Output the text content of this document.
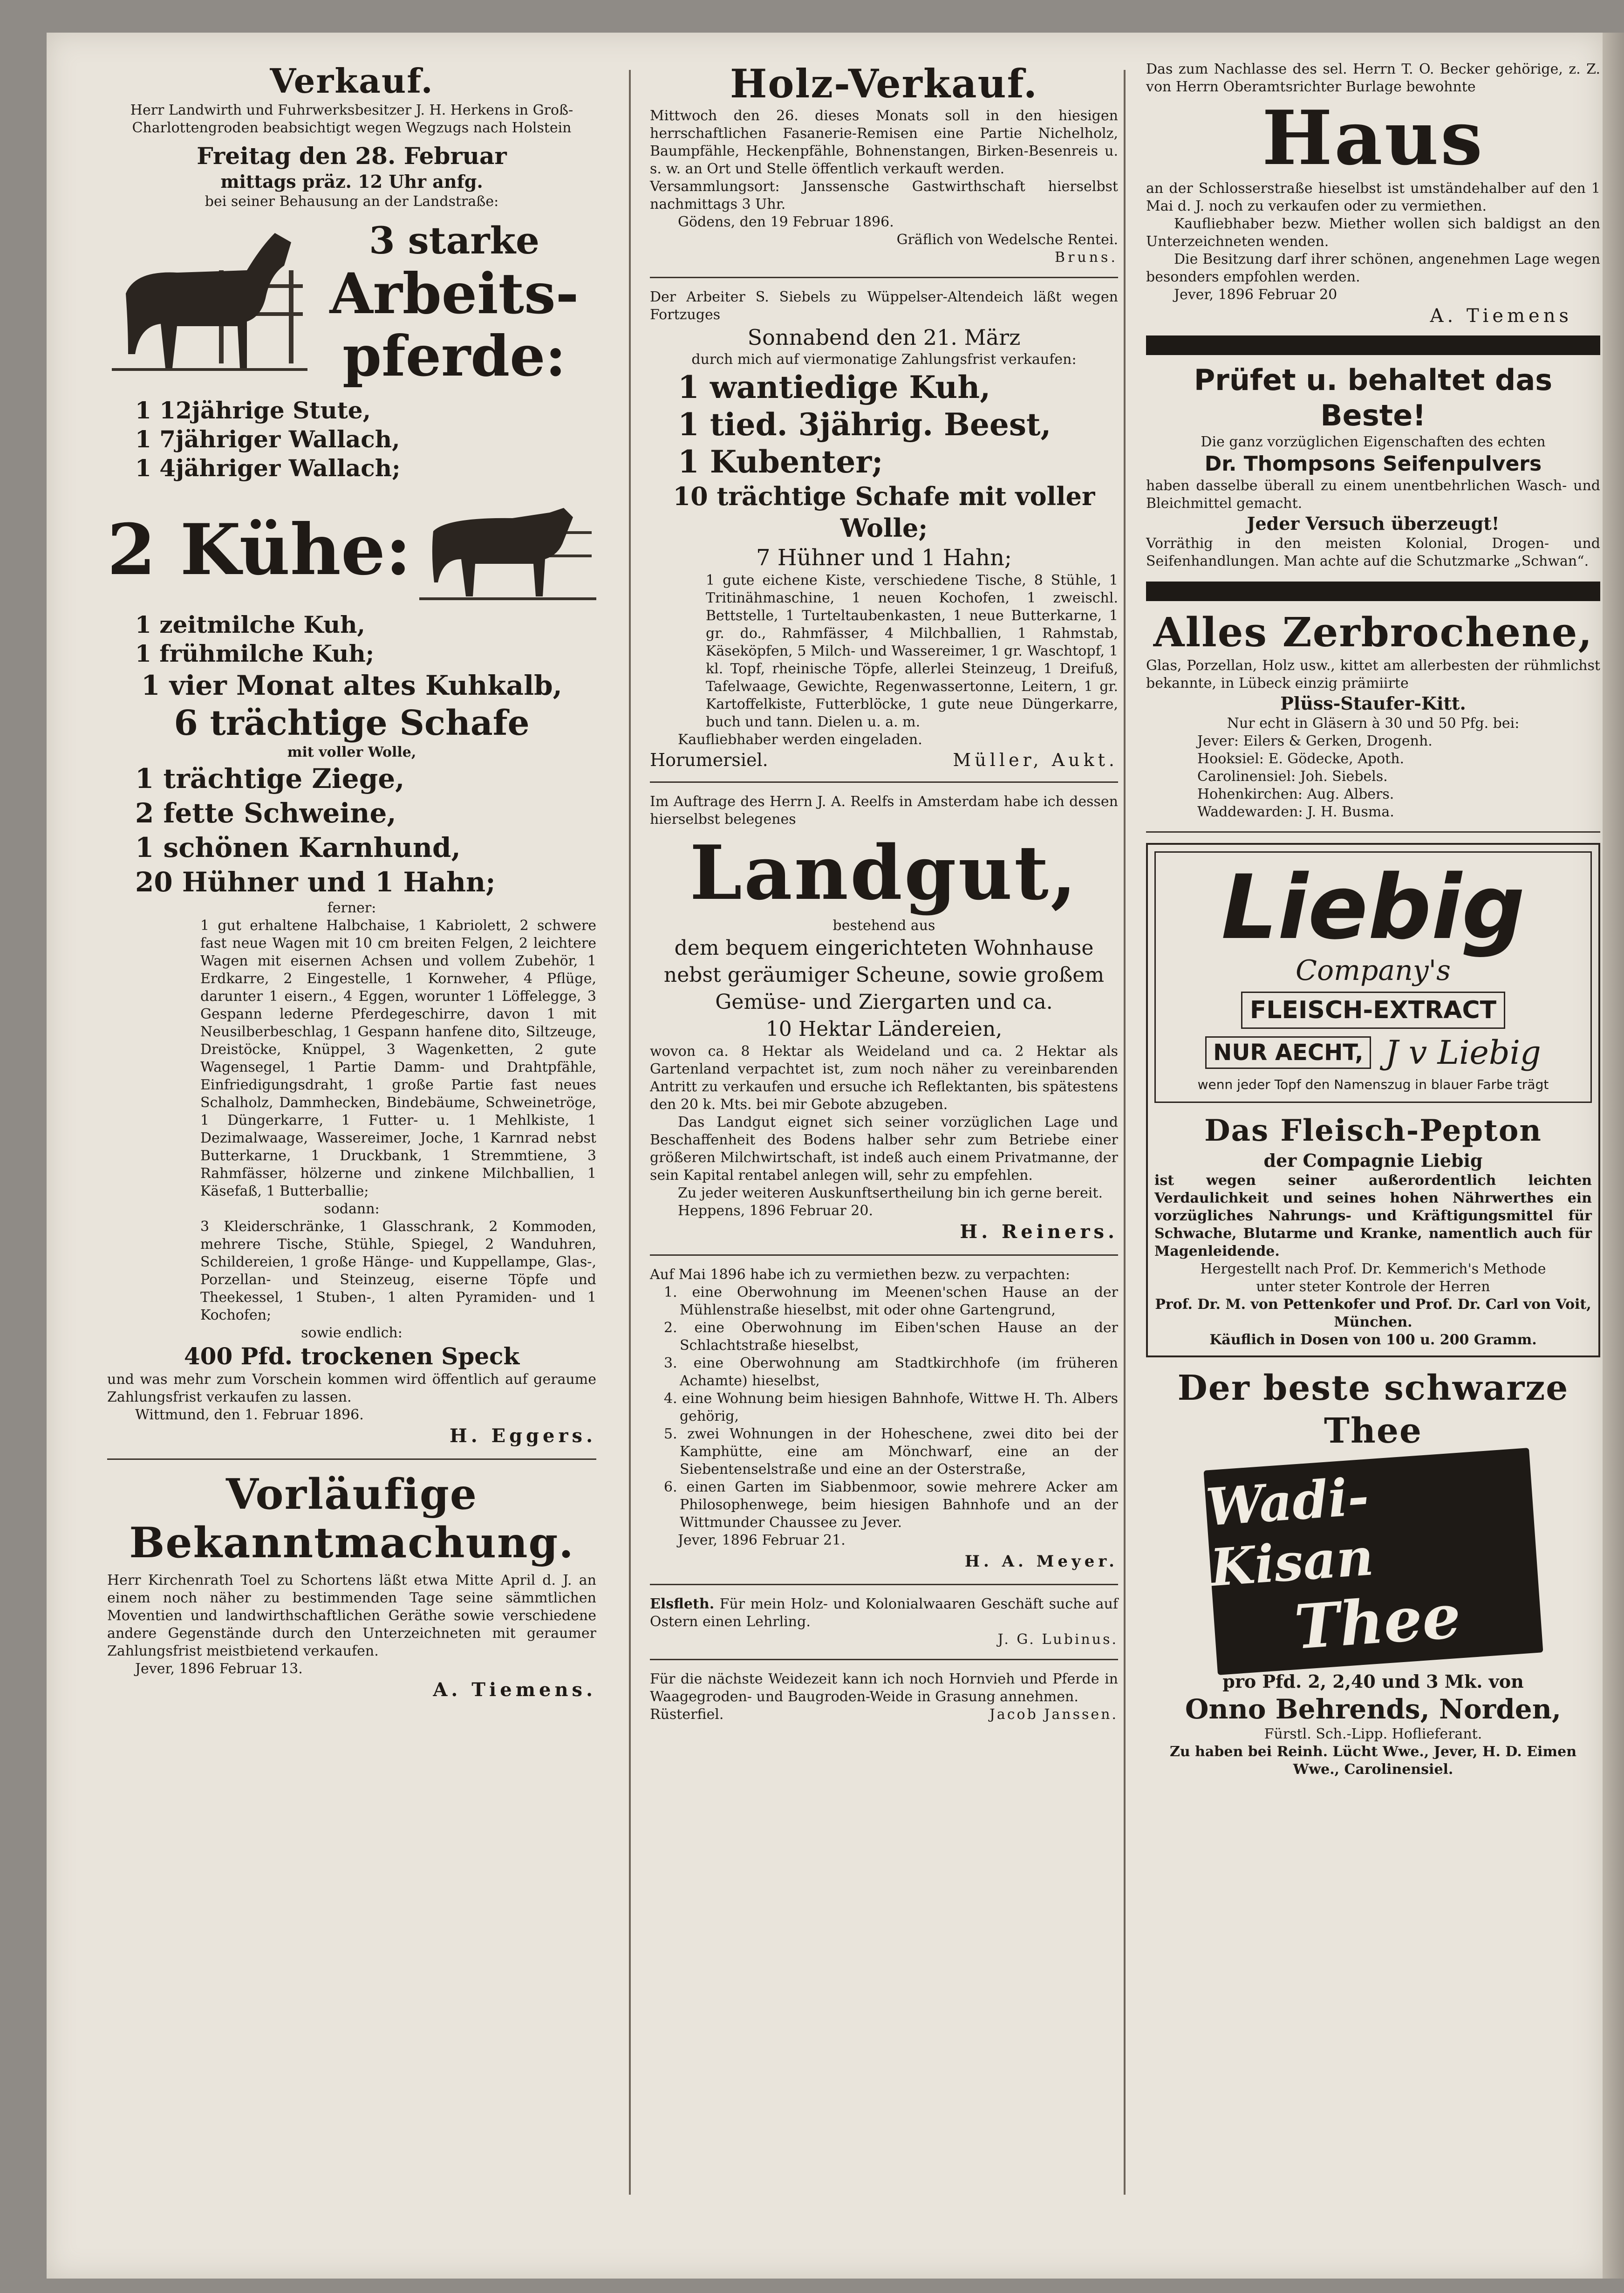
Verkauf.

Herr Landwirth und Fuhrwerksbesitzer J. H. Herkens in Groß-Charlottengroden beabsichtigt wegen Wegzugs nach Holstein

Freitag den 28. Februar

mittags präz. 12 Uhr anfg.

bei seiner Behausung an der Landstraße:

3 starke

Arbeits-

pferde:

1 12jährige Stute,

1 7jähriger Wallach,

1 4jähriger Wallach;

2 Kühe:

1 zeitmilche Kuh,

1 frühmilche Kuh;

1 vier Monat altes Kuhkalb,

6 trächtige Schafe

mit voller Wolle,

1 trächtige Ziege,

2 fette Schweine,

1 schönen Karnhund,

20 Hühner und 1 Hahn;

ferner:

1 gut erhaltene Halbchaise, 1 Kabriolett, 2 schwere fast neue Wagen mit 10 cm breiten Felgen, 2 leichtere Wagen mit eisernen Achsen und vollem Zubehör, 1 Erdkarre, 2 Eingestelle, 1 Kornweher, 4 Pflüge, darunter 1 eisern., 4 Eggen, worunter 1 Löffelegge, 3 Gespann lederne Pferdegeschirre, davon 1 mit Neusilberbeschlag, 1 Gespann hanfene dito, Siltzeuge, Dreistöcke, Knüppel, 3 Wagenketten, 2 gute Wagensegel, 1 Partie Damm- und Drahtpfähle, Einfriedigungsdraht, 1 große Partie fast neues Schalholz, Dammhecken, Bindebäume, Schweinetröge, 1 Düngerkarre, 1 Futter- u. 1 Mehlkiste, 1 Dezimalwaage, Wassereimer, Joche, 1 Karnrad nebst Butterkarne, 1 Druckbank, 1 Stremmtiene, 3 Rahmfässer, hölzerne und zinkene Milchballien, 1 Käsefaß, 1 Butterballie;

sodann:

3 Kleiderschränke, 1 Glasschrank, 2 Kommoden, mehrere Tische, Stühle, Spiegel, 2 Wanduhren, Schildereien, 1 große Hänge- und Kuppellampe, Glas-, Porzellan- und Steinzeug, eiserne Töpfe und Theekessel, 1 Stuben-, 1 alten Pyramiden- und 1 Kochofen;

sowie endlich:

400 Pfd. trockenen Speck

und was mehr zum Vorschein kommen wird öffentlich auf geraume Zahlungsfrist verkaufen zu lassen.

Wittmund, den 1. Februar 1896.

H. Eggers.

Vorläufige

Bekanntmachung.

Herr Kirchenrath Toel zu Schortens läßt etwa Mitte April d. J. an einem noch näher zu bestimmenden Tage seine sämmtlichen Moventien und landwirthschaftlichen Geräthe sowie verschiedene andere Gegenstände durch den Unterzeichneten mit geraumer Zahlungsfrist meistbietend verkaufen.

Jever, 1896 Februar 13.

A. Tiemens.

Holz-Verkauf.

Mittwoch den 26. dieses Monats soll in den hiesigen herrschaftlichen Fasanerie-Remisen eine Partie Nichelholz, Baumpfähle, Heckenpfähle, Bohnenstangen, Birken-Besenreis u. s. w. an Ort und Stelle öffentlich verkauft werden.

Versammlungsort: Janssensche Gastwirthschaft hierselbst nachmittags 3 Uhr.

Gödens, den 19 Februar 1896.

Gräflich von Wedelsche Rentei.

Bruns.

Der Arbeiter S. Siebels zu Wüppelser-Altendeich läßt wegen Fortzuges

Sonnabend den 21. März

durch mich auf viermonatige Zahlungsfrist verkaufen:

1 wantiedige Kuh,

1 tied. 3jährig. Beest,

1 Kubenter;

10 trächtige Schafe mit voller Wolle;

7 Hühner und 1 Hahn;

1 gute eichene Kiste, verschiedene Tische, 8 Stühle, 1 Tritinähmaschine, 1 neuen Kochofen, 1 zweischl. Bettstelle, 1 Turteltaubenkasten, 1 neue Butterkarne, 1 gr. do., Rahmfässer, 4 Milchballien, 1 Rahmstab, Käseköpfen, 5 Milch- und Wassereimer, 1 gr. Waschtopf, 1 kl. Topf, rheinische Töpfe, allerlei Steinzeug, 1 Dreifuß, Tafelwaage, Gewichte, Regenwassertonne, Leitern, 1 gr. Kartoffelkiste, Futterblöcke, 1 gute neue Düngerkarre, buch und tann. Dielen u. a. m.

Kaufliebhaber werden eingeladen.

Horumersiel.	Müller, Aukt.

Im Auftrage des Herrn J. A. Reelfs in Amsterdam habe ich dessen hierselbst belegenes

Landgut,

bestehend aus

dem bequem eingerichteten Wohnhause

nebst geräumiger Scheune, sowie großem

Gemüse- und Ziergarten und ca.

10 Hektar Ländereien,

wovon ca. 8 Hektar als Weideland und ca. 2 Hektar als Gartenland verpachtet ist, zum noch näher zu vereinbarenden Antritt zu verkaufen und ersuche ich Reflektanten, bis spätestens den 20 k. Mts. bei mir Gebote abzugeben.

Das Landgut eignet sich seiner vorzüglichen Lage und Beschaffenheit des Bodens halber sehr zum Betriebe einer größeren Milchwirtschaft, ist indeß auch einem Privatmanne, der sein Kapital rentabel anlegen will, sehr zu empfehlen.

Zu jeder weiteren Auskunftsertheilung bin ich gerne bereit.

Heppens, 1896 Februar 20.

H. Reiners.

Auf Mai 1896 habe ich zu vermiethen bezw. zu verpachten:

1. eine Oberwohnung im Meenen'schen Hause an der Mühlenstraße hieselbst, mit oder ohne Gartengrund,

2. eine Oberwohnung im Eiben'schen Hause an der Schlachtstraße hieselbst,

3. eine Oberwohnung am Stadtkirchhofe (im früheren Achamte) hieselbst,

4. eine Wohnung beim hiesigen Bahnhofe, Wittwe H. Th. Albers gehörig,

5. zwei Wohnungen in der Hoheschene, zwei dito bei der Kamphütte, eine am Mönchwarf, eine an der Siebentenselstraße und eine an der Osterstraße,

6. einen Garten im Siabbenmoor, sowie mehrere Acker am Philosophenwege, beim hiesigen Bahnhofe und an der Wittmunder Chaussee zu Jever.

Jever, 1896 Februar 21.

H. A. Meyer.

Elsfleth. Für mein Holz- und Kolonialwaaren Geschäft suche auf Ostern einen Lehrling.

J. G. Lubinus.

Für die nächste Weidezeit kann ich noch Hornvieh und Pferde in Waagegroden- und Baugroden-Weide in Grasung annehmen.

Rüsterfiel.	Jacob Janssen.

Das zum Nachlasse des sel. Herrn T. O. Becker gehörige, z. Z. von Herrn Oberamtsrichter Burlage bewohnte

Haus

an der Schlosserstraße hieselbst ist umständehalber auf den 1 Mai d. J. noch zu verkaufen oder zu vermiethen.

Kaufliebhaber bezw. Miether wollen sich baldigst an den Unterzeichneten wenden.

Die Besitzung darf ihrer schönen, angenehmen Lage wegen besonders empfohlen werden.

Jever, 1896 Februar 20

A. Tiemens

Prüfet u. behaltet das Beste!

Die ganz vorzüglichen Eigenschaften des echten

Dr. Thompsons Seifenpulvers

haben dasselbe überall zu einem unentbehrlichen Wasch- und Bleichmittel gemacht.

Jeder Versuch überzeugt!

Vorräthig in den meisten Kolonial, Drogen- und Seifenhandlungen. Man achte auf die Schutzmarke „Schwan“.

Alles Zerbrochene,

Glas, Porzellan, Holz usw., kittet am allerbesten der rühmlichst bekannte, in Lübeck einzig prämiirte

Plüss-Staufer-Kitt.

Nur echt in Gläsern à 30 und 50 Pfg. bei:

Jever: Eilers & Gerken, Drogenh.

Hooksiel: E. Gödecke, Apoth.

Carolinensiel: Joh. Siebels.

Hohenkirchen: Aug. Albers.

Waddewarden: J. H. Busma.

Liebig

Company's

FLEISCH-EXTRACT

NUR AECHT, J v Liebig

wenn jeder Topf den Namenszug in blauer Farbe trägt

Das Fleisch-Pepton

der Compagnie Liebig

ist wegen seiner außerordentlich leichten Verdaulichkeit und seines hohen Nährwerthes ein vorzügliches Nahrungs- und Kräftigungsmittel für Schwache, Blutarme und Kranke, namentlich auch für Magenleidende.

Hergestellt nach Prof. Dr. Kemmerich's Methode

unter steter Kontrole der Herren

Prof. Dr. M. von Pettenkofer und Prof. Dr. Carl von Voit, München.

Käuflich in Dosen von 100 u. 200 Gramm.

Der beste schwarze Thee

Wadi-Kisan

Thee

pro Pfd. 2, 2,40 und 3 Mk. von

Onno Behrends, Norden,

Fürstl. Sch.-Lipp. Hoflieferant.

Zu haben bei Reinh. Lücht Wwe., Jever, H. D. Eimen Wwe., Carolinensiel.
